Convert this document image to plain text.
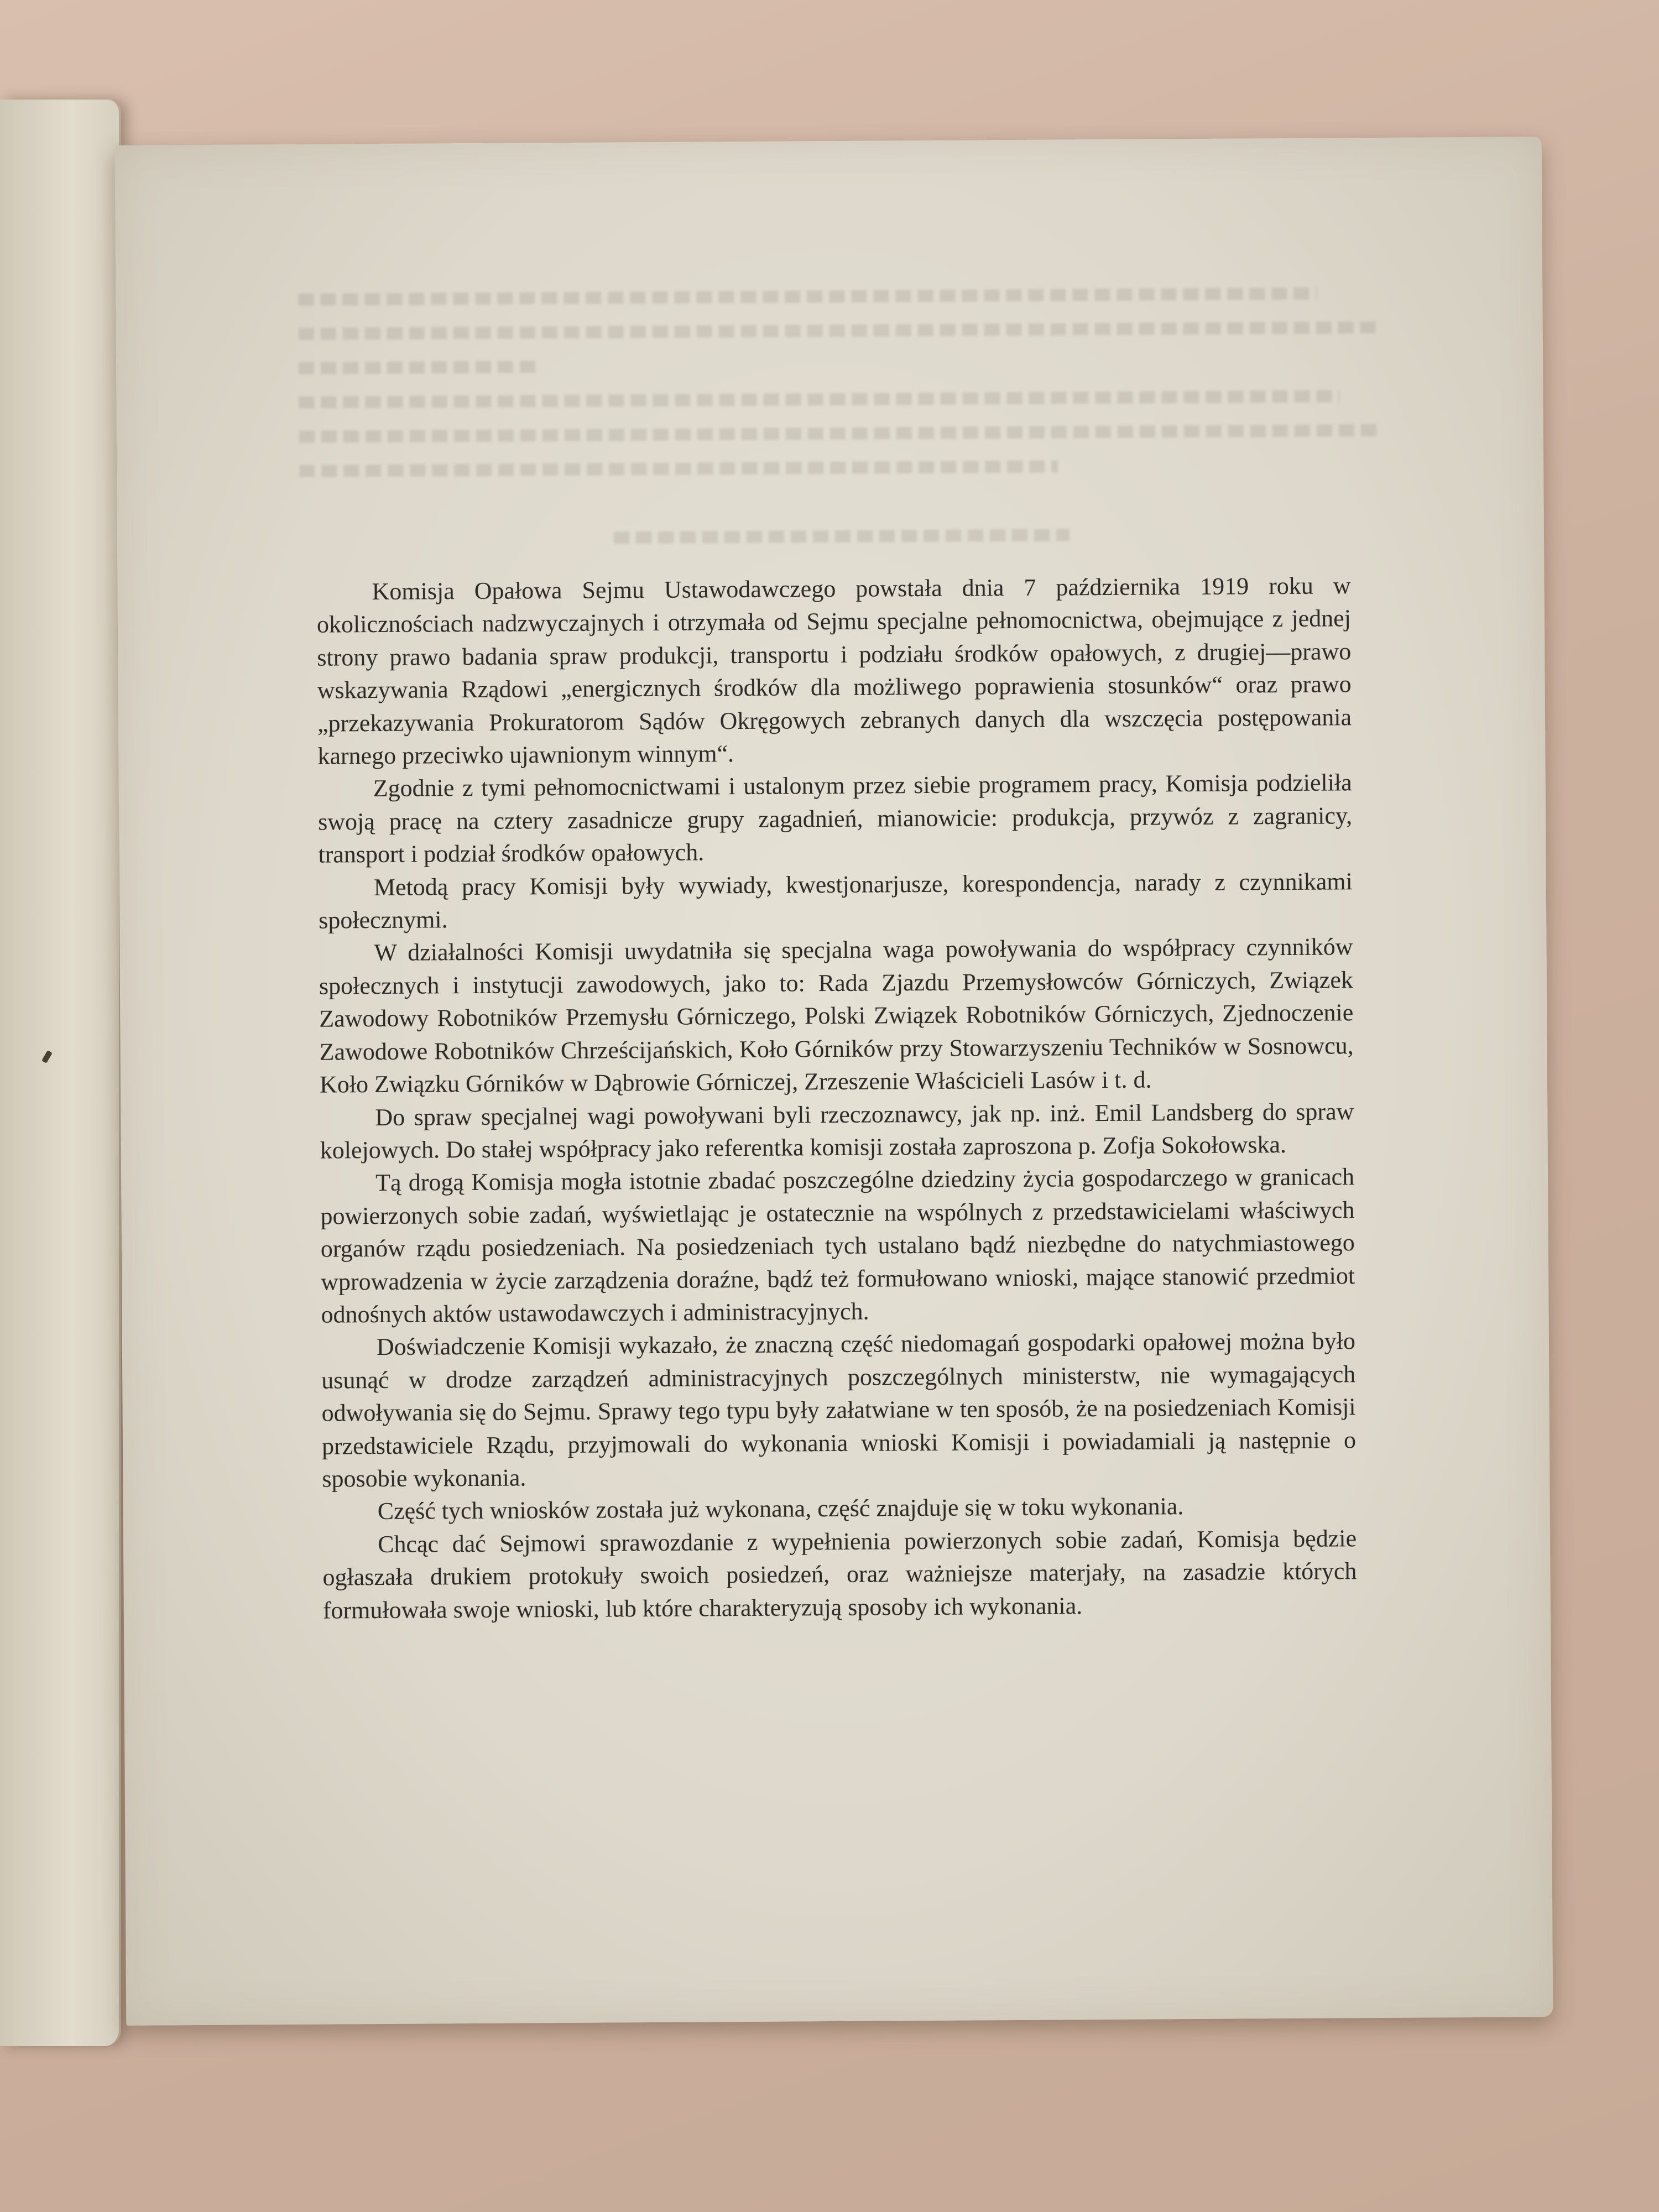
Komisja Opałowa Sejmu Ustawodawczego powstała dnia 7 października 1919 roku w okolicznościach nadzwyczajnych i otrzymała od Sejmu specjalne pełnomocnictwa, obejmujące z jednej strony prawo badania spraw produkcji, transportu i podziału środków opałowych, z drugiej—prawo wskazywania Rządowi „energicznych środków dla możliwego poprawienia stosunków“ oraz prawo „przekazywania Prokuratorom Sądów Okręgowych zebranych danych dla wszczęcia postępowania karnego przeciwko ujawnionym winnym“.

Zgodnie z tymi pełnomocnictwami i ustalonym przez siebie programem pracy, Komisja podzieliła swoją pracę na cztery zasadnicze grupy zagadnień, mianowicie: produkcja, przywóz z zagranicy, transport i podział środków opałowych.

Metodą pracy Komisji były wywiady, kwestjonarjusze, korespondencja, narady z czynnikami społecznymi.

W działalności Komisji uwydatniła się specjalna waga powoływania do współpracy czynników społecznych i instytucji zawodowych, jako to: Rada Zjazdu Przemysłowców Górniczych, Związek Zawodowy Robotników Przemysłu Górniczego, Polski Związek Robotników Górniczych, Zjednoczenie Zawodowe Robotników Chrześcijańskich, Koło Górników przy Stowarzyszeniu Techników w Sosnowcu, Koło Związku Górników w Dąbrowie Górniczej, Zrzeszenie Właścicieli Lasów i t. d.

Do spraw specjalnej wagi powoływani byli rzeczoznawcy, jak np. inż. Emil Landsberg do spraw kolejowych. Do stałej współpracy jako referentka komisji została zaproszona p. Zofja Sokołowska.

Tą drogą Komisja mogła istotnie zbadać poszczególne dziedziny życia gospodarczego w granicach powierzonych sobie zadań, wyświetlając je ostatecznie na wspólnych z przedstawicielami właściwych organów rządu posiedzeniach. Na posiedzeniach tych ustalano bądź niezbędne do natychmiastowego wprowadzenia w życie zarządzenia doraźne, bądź też formułowano wnioski, mające stanowić przedmiot odnośnych aktów ustawodawczych i administracyjnych.

Doświadczenie Komisji wykazało, że znaczną część niedomagań gospodarki opałowej można było usunąć w drodze zarządzeń administracyjnych poszczególnych ministerstw, nie wymagających odwoływania się do Sejmu. Sprawy tego typu były załatwiane w ten sposób, że na posiedzeniach Komisji przedstawiciele Rządu, przyjmowali do wykonania wnioski Komisji i powiadamiali ją następnie o sposobie wykonania.

Część tych wniosków została już wykonana, część znajduje się w toku wykonania.

Chcąc dać Sejmowi sprawozdanie z wypełnienia powierzonych sobie zadań, Komisja będzie ogłaszała drukiem protokuły swoich posiedzeń, oraz ważniejsze materjały, na zasadzie których formułowała swoje wnioski, lub które charakteryzują sposoby ich wykonania.
